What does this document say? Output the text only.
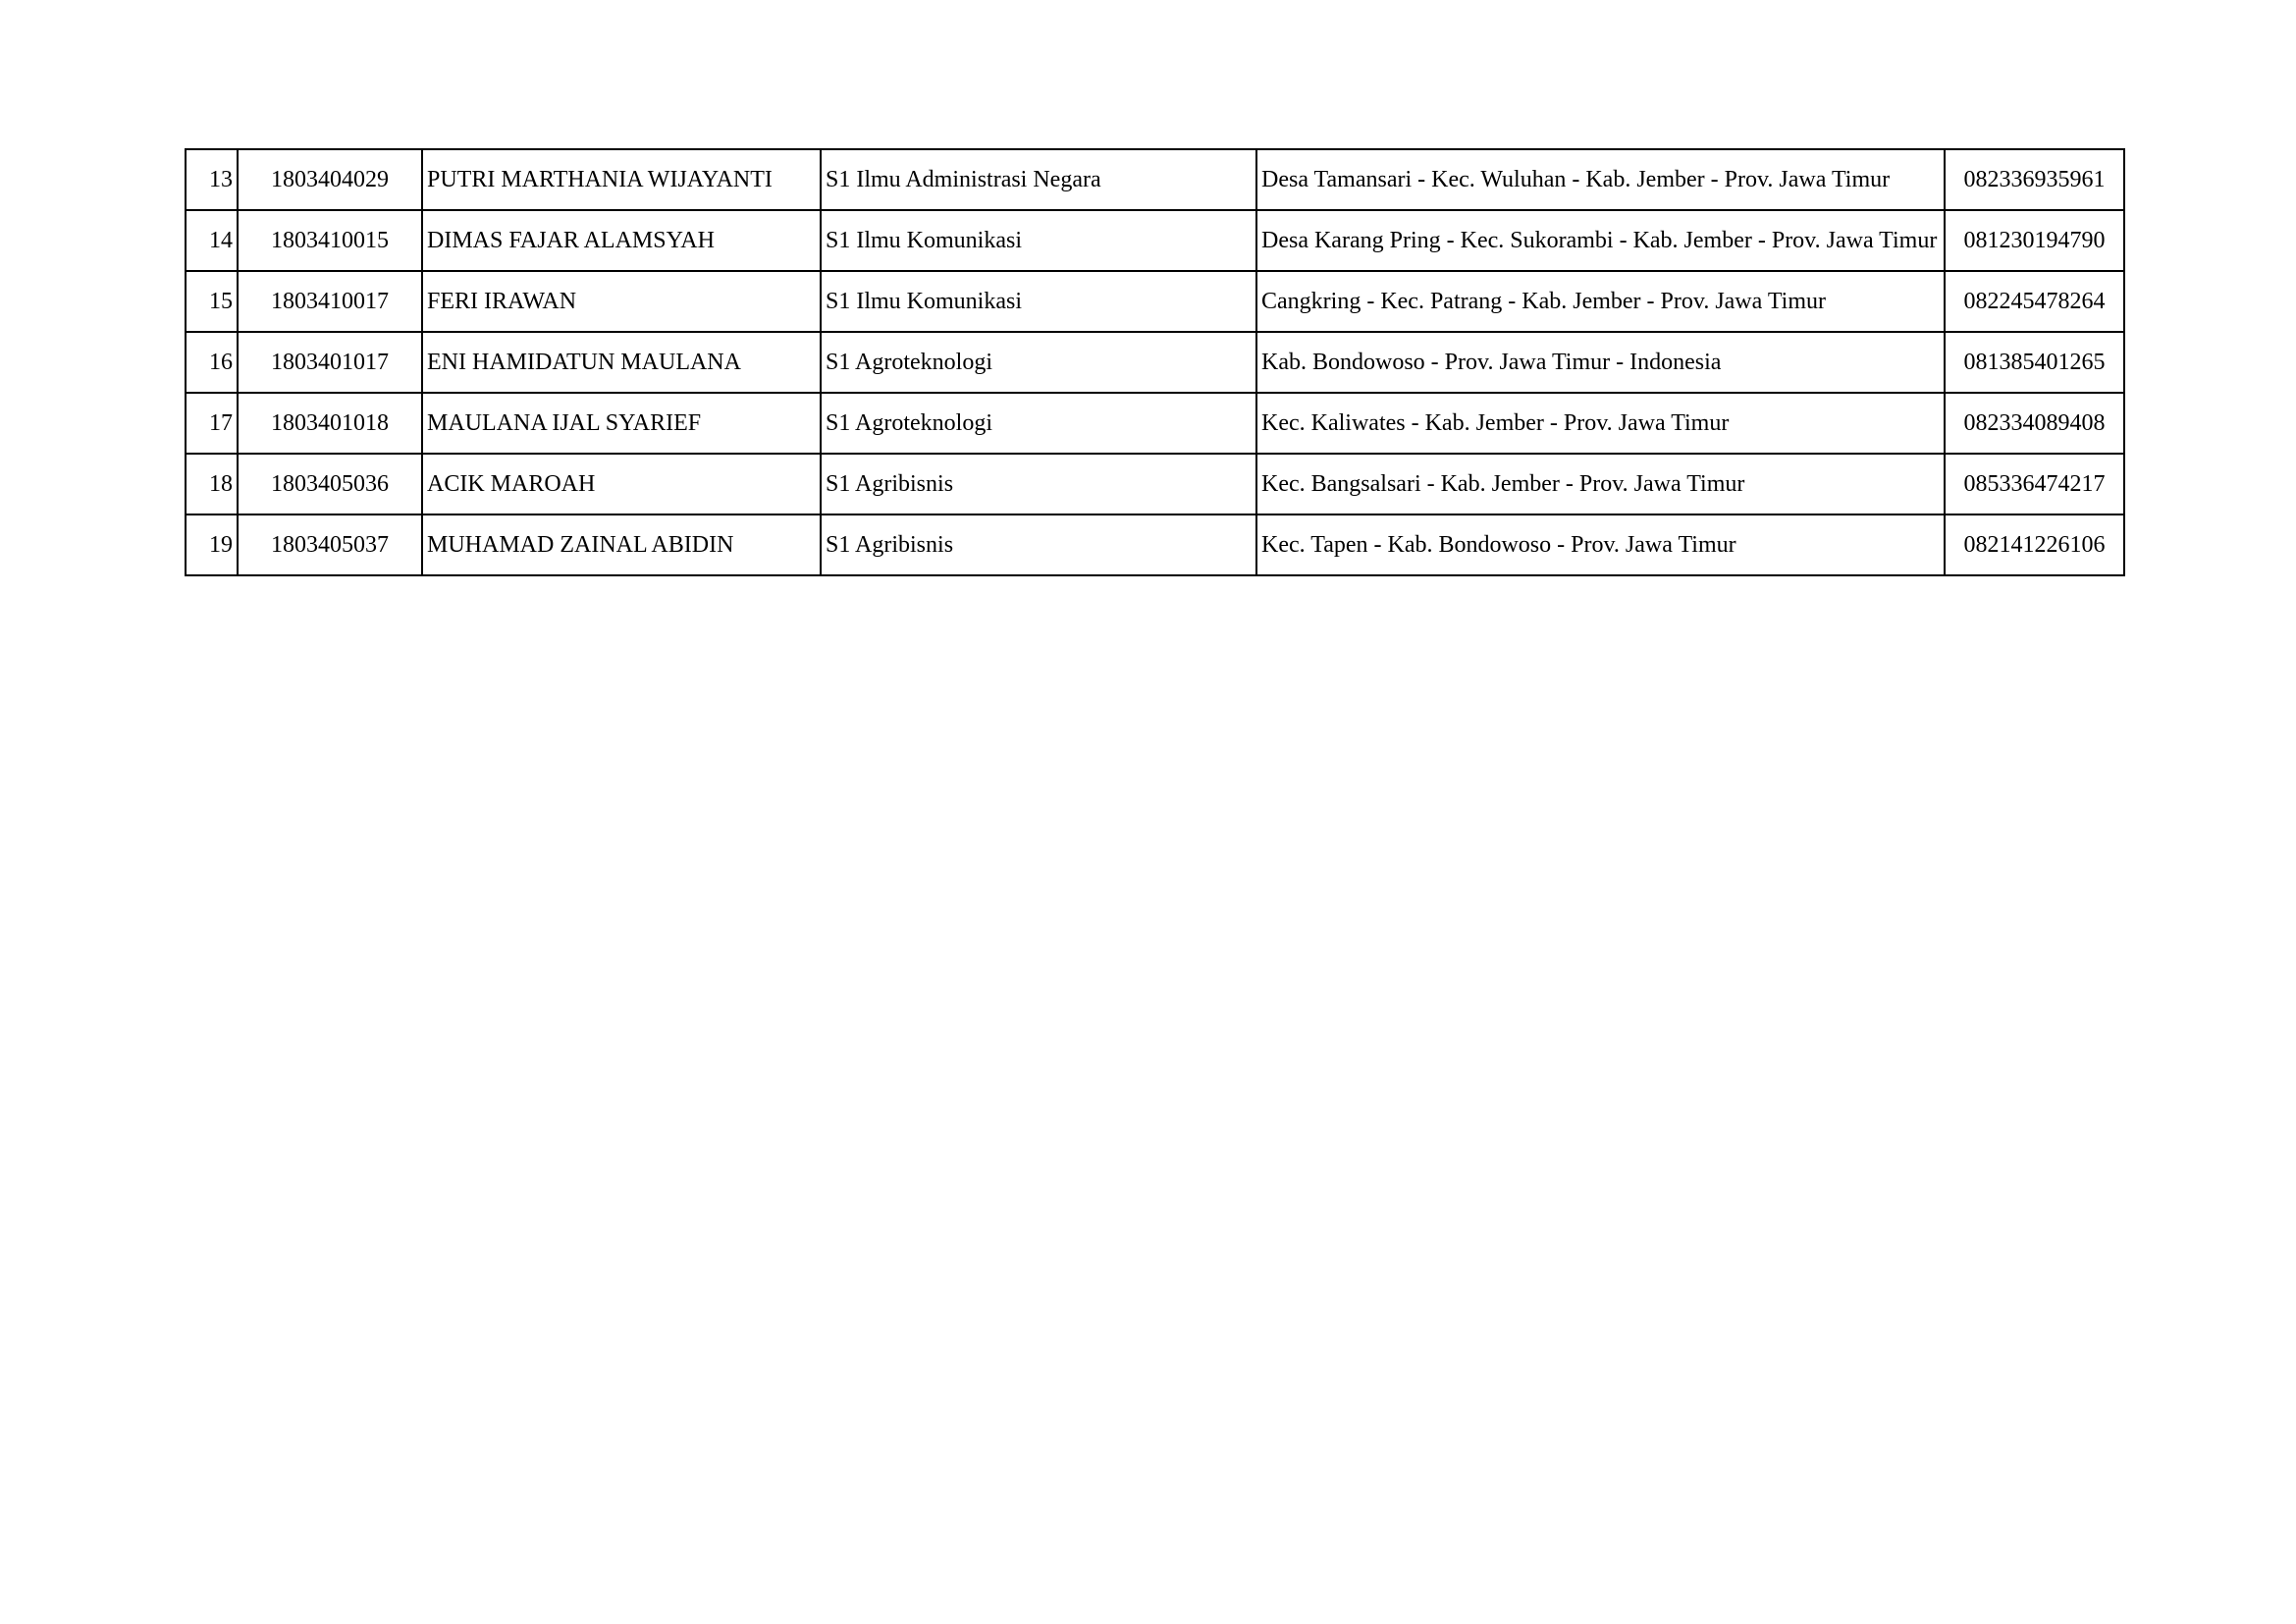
13	1803404029	PUTRI MARTHANIA WIJAYANTI	S1 Ilmu Administrasi Negara	Desa Tamansari - Kec. Wuluhan - Kab. Jember - Prov. Jawa Timur	082336935961
14	1803410015	DIMAS FAJAR ALAMSYAH	S1 Ilmu Komunikasi	Desa Karang Pring - Kec. Sukorambi - Kab. Jember - Prov. Jawa Timur	081230194790
15	1803410017	FERI IRAWAN	S1 Ilmu Komunikasi	Cangkring - Kec. Patrang - Kab. Jember - Prov. Jawa Timur	082245478264
16	1803401017	ENI HAMIDATUN MAULANA	S1 Agroteknologi	Kab. Bondowoso - Prov. Jawa Timur - Indonesia	081385401265
17	1803401018	MAULANA IJAL SYARIEF	S1 Agroteknologi	Kec. Kaliwates - Kab. Jember - Prov. Jawa Timur	082334089408
18	1803405036	ACIK MAROAH	S1 Agribisnis	Kec. Bangsalsari - Kab. Jember - Prov. Jawa Timur	085336474217
19	1803405037	MUHAMAD ZAINAL ABIDIN	S1 Agribisnis	Kec. Tapen - Kab. Bondowoso - Prov. Jawa Timur	082141226106
